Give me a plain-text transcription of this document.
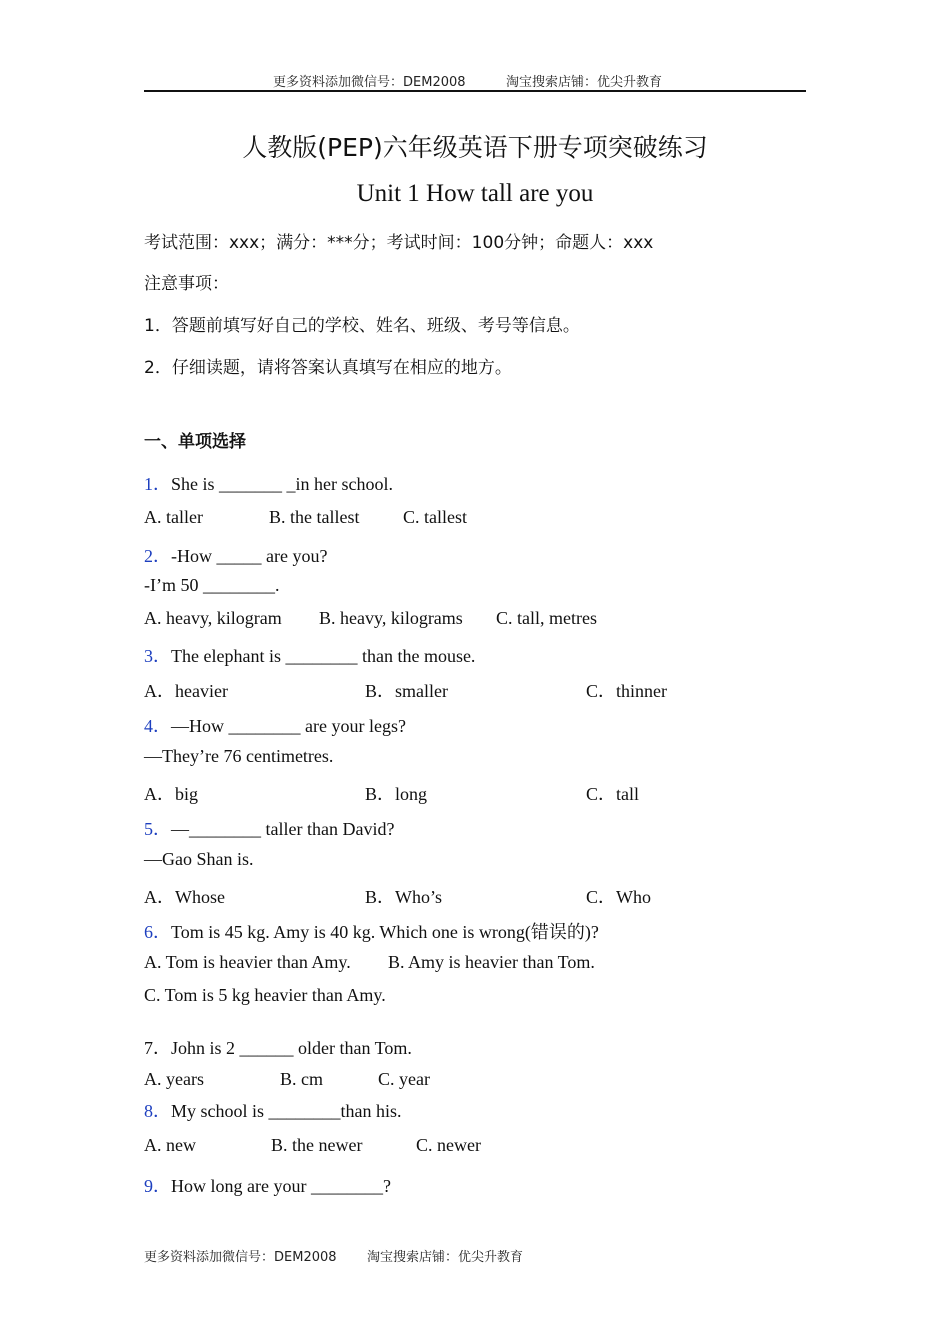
更多资料添加微信号：DEM2008	淘宝搜索店铺：优尖升教育
人教版(PEP)六年级英语下册专项突破练习
Unit 1 How tall are you
考试范围：xxx；满分：***分；考试时间：100分钟；命题人：xxx
注意事项：
1．答题前填写好自己的学校、姓名、班级、考号等信息。
2．仔细读题，请将答案认真填写在相应的地方。
一、单项选择
1．She is _______ _in her school.
A. taller	B. the tallest C. tallest
2．-How _____ are you?
-I’m 50 ________.
A. heavy, kilogram B. heavy, kilograms C. tall, metres
3．The elephant is ________ than the mouse.
A．heavier	B．smaller	C．thinner
4．—How ________ are your legs?
—They’re 76 centimetres.
A．big	B．long	C．tall
5．—________ taller than David?
—Gao Shan is.
A．Whose	B．Who’s	C．Who
6．Tom is 45 kg. Amy is 40 kg. Which one is wrong(错误的)?
A. Tom is heavier than Amy. B. Amy is heavier than Tom.
C. Tom is 5 kg heavier than Amy.
7．John is 2 ______ older than Tom.
A. years	B. cm	C. year
8．My school is ________than his.
A. new	B. the newer	C. newer
9．How long are your ________?
更多资料添加微信号：DEM2008 淘宝搜索店铺：优尖升教育
